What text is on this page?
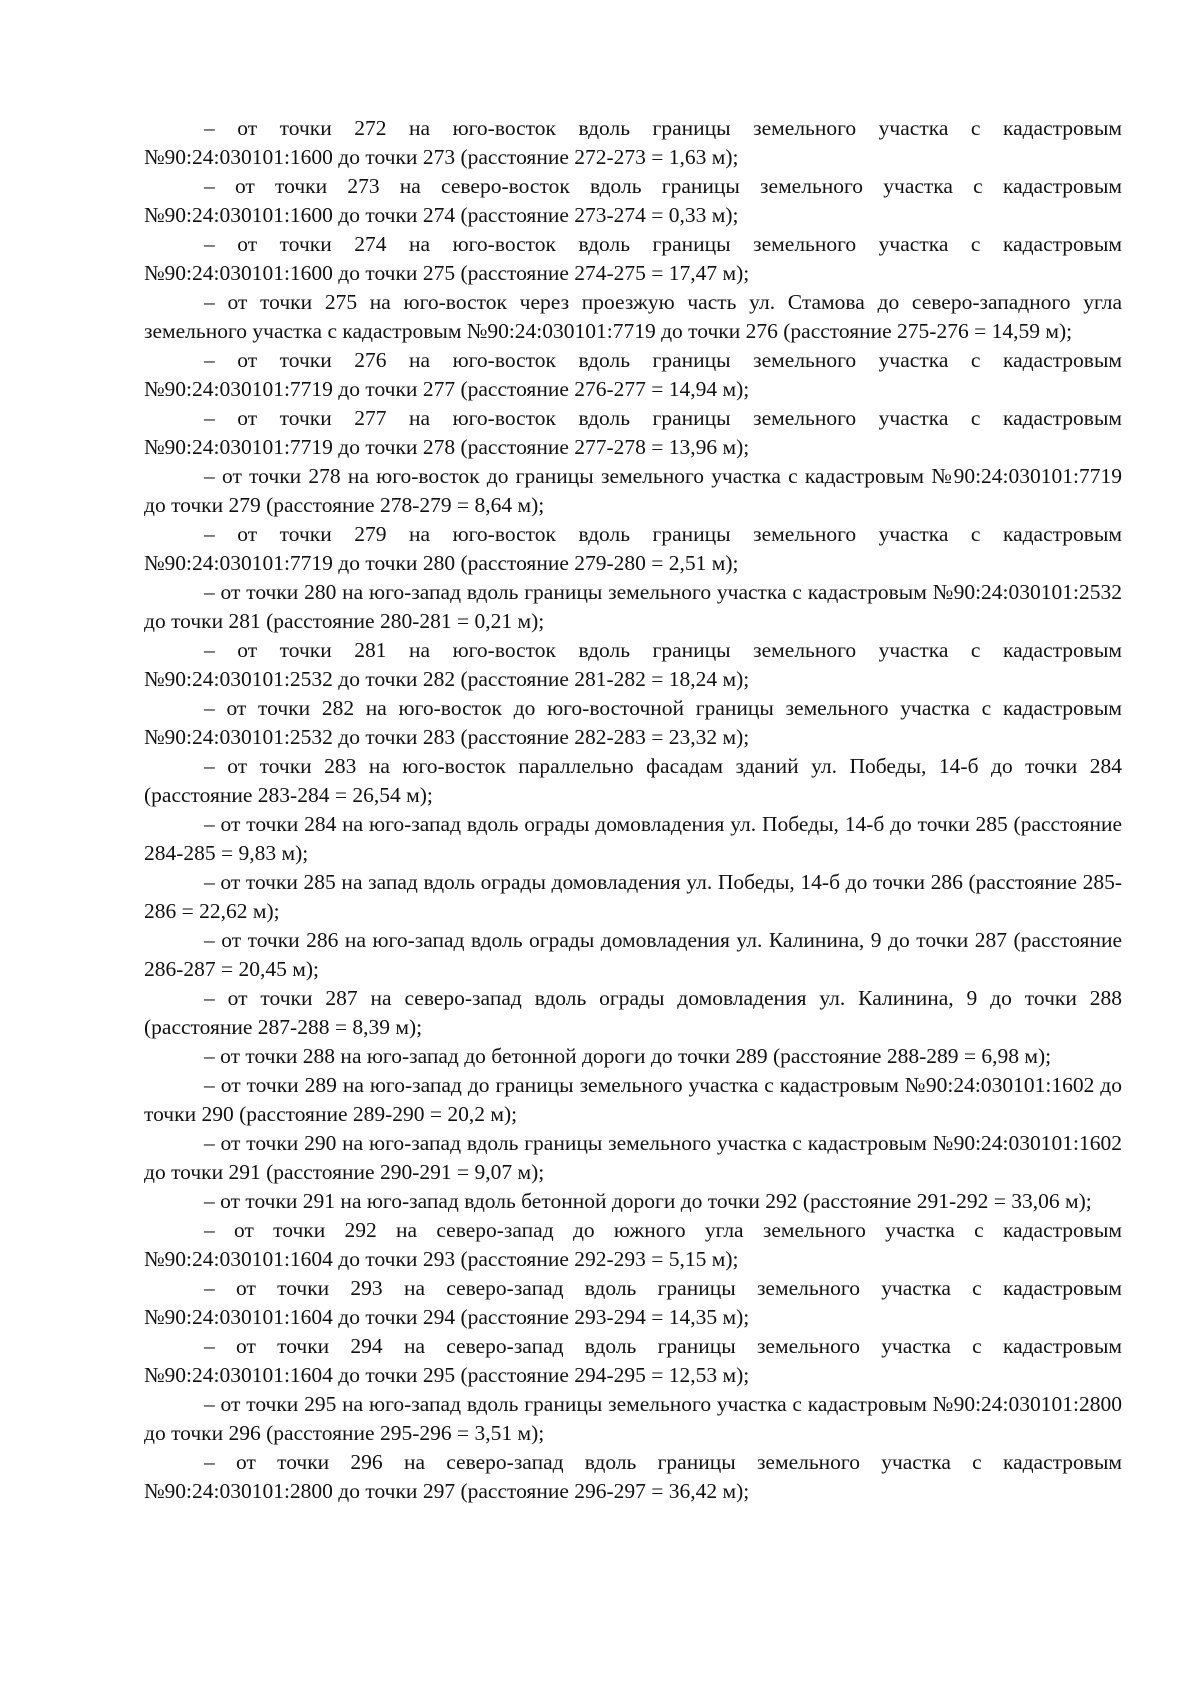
– от точки 272 на юго-восток вдоль границы земельного участка с кадастровым №90:24:030101:1600 до точки 273 (расстояние 272-273 = 1,63 м);

– от точки 273 на северо-восток вдоль границы земельного участка с кадастровым №90:24:030101:1600 до точки 274 (расстояние 273-274 = 0,33 м);

– от точки 274 на юго-восток вдоль границы земельного участка с кадастровым №90:24:030101:1600 до точки 275 (расстояние 274-275 = 17,47 м);

– от точки 275 на юго-восток через проезжую часть ул. Стамова до северо-западного угла земельного участка с кадастровым №90:24:030101:7719 до точки 276 (расстояние 275-276 = 14,59 м);

– от точки 276 на юго-восток вдоль границы земельного участка с кадастровым №90:24:030101:7719 до точки 277 (расстояние 276-277 = 14,94 м);

– от точки 277 на юго-восток вдоль границы земельного участка с кадастровым №90:24:030101:7719 до точки 278 (расстояние 277-278 = 13,96 м);

– от точки 278 на юго-восток до границы земельного участка с кадастровым №90:24:030101:7719 до точки 279 (расстояние 278-279 = 8,64 м);

– от точки 279 на юго-восток вдоль границы земельного участка с кадастровым №90:24:030101:7719 до точки 280 (расстояние 279-280 = 2,51 м);

– от точки 280 на юго-запад вдоль границы земельного участка с кадастровым №90:24:030101:2532 до точки 281 (расстояние 280-281 = 0,21 м);

– от точки 281 на юго-восток вдоль границы земельного участка с кадастровым №90:24:030101:2532 до точки 282 (расстояние 281-282 = 18,24 м);

– от точки 282 на юго-восток до юго-восточной границы земельного участка с кадастровым №90:24:030101:2532 до точки 283 (расстояние 282-283 = 23,32 м);

– от точки 283 на юго-восток параллельно фасадам зданий ул. Победы, 14-б до точки 284 (расстояние 283-284 = 26,54 м);

– от точки 284 на юго-запад вдоль ограды домовладения ул. Победы, 14-б до точки 285 (расстояние 284-285 = 9,83 м);

– от точки 285 на запад вдоль ограды домовладения ул. Победы, 14-б до точки 286 (расстояние 285-286 = 22,62 м);

– от точки 286 на юго-запад вдоль ограды домовладения ул. Калинина, 9 до точки 287 (расстояние 286-287 = 20,45 м);

– от точки 287 на северо-запад вдоль ограды домовладения ул. Калинина, 9 до точки 288 (расстояние 287-288 = 8,39 м);

– от точки 288 на юго-запад до бетонной дороги до точки 289 (расстояние 288-289 = 6,98 м);

– от точки 289 на юго-запад до границы земельного участка с кадастровым №90:24:030101:1602 до точки 290 (расстояние 289-290 = 20,2 м);

– от точки 290 на юго-запад вдоль границы земельного участка с кадастровым №90:24:030101:1602 до точки 291 (расстояние 290-291 = 9,07 м);

– от точки 291 на юго-запад вдоль бетонной дороги до точки 292 (расстояние 291-292 = 33,06 м);

– от точки 292 на северо-запад до южного угла земельного участка с кадастровым №90:24:030101:1604 до точки 293 (расстояние 292-293 = 5,15 м);

– от точки 293 на северо-запад вдоль границы земельного участка с кадастровым №90:24:030101:1604 до точки 294 (расстояние 293-294 = 14,35 м);

– от точки 294 на северо-запад вдоль границы земельного участка с кадастровым №90:24:030101:1604 до точки 295 (расстояние 294-295 = 12,53 м);

– от точки 295 на юго-запад вдоль границы земельного участка с кадастровым №90:24:030101:2800 до точки 296 (расстояние 295-296 = 3,51 м);

– от точки 296 на северо-запад вдоль границы земельного участка с кадастровым №90:24:030101:2800 до точки 297 (расстояние 296-297 = 36,42 м);
